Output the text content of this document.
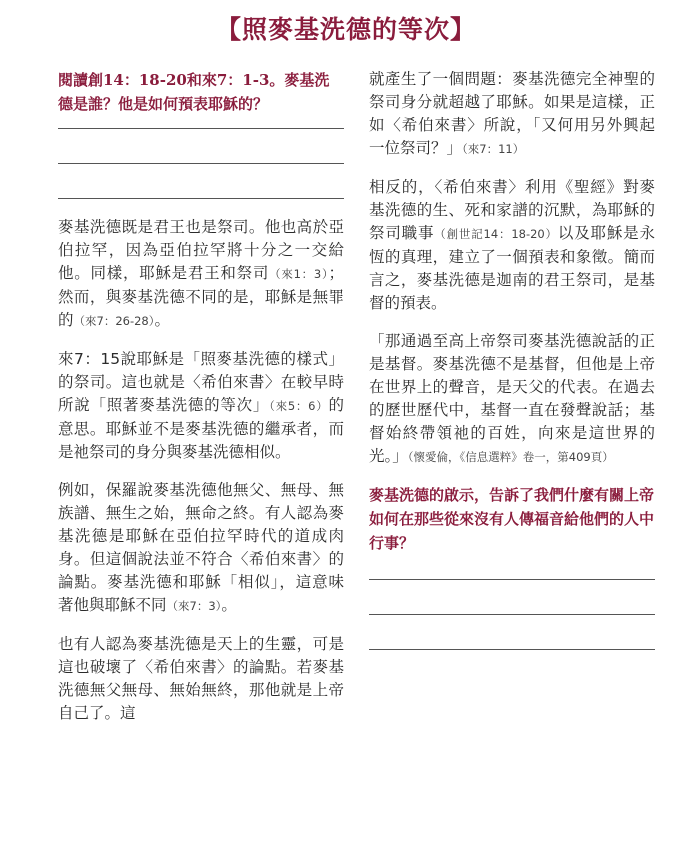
【照麥基洗德的等次】
閱讀創14：18-20和來7：1-3。麥基洗德是誰？他是如何預表耶穌的？

麥基洗德既是君王也是祭司。他也高於亞伯拉罕，因為亞伯拉罕將十分之一交給他。同樣，耶穌是君王和祭司（來1：3）；然而，與麥基洗德不同的是，耶穌是無罪的（來7：26-28）。

來7：15說耶穌是「照麥基洗德的樣式」的祭司。這也就是〈希伯來書〉在較早時所說「照著麥基洗德的等次」（來5：6）的意思。耶穌並不是麥基洗德的繼承者，而是祂祭司的身分與麥基洗德相似。

例如，保羅說麥基洗德他無父、無母、無族譜、無生之始，無命之終。有人認為麥基洗德是耶穌在亞伯拉罕時代的道成肉身。但這個說法並不符合〈希伯來書〉的論點。麥基洗德和耶穌「相似」，這意味著他與耶穌不同（來7：3）。

也有人認為麥基洗德是天上的生靈，可是這也破壞了〈希伯來書〉的論點。若麥基洗德無父無母、無始無終，那他就是上帝自己了。這

就產生了一個問題：麥基洗德完全神聖的祭司身分就超越了耶穌。如果是這樣，正如〈希伯來書〉所說，「又何用另外興起一位祭司？」（來7：11）

相反的，〈希伯來書〉利用《聖經》對麥基洗德的生、死和家譜的沉默，為耶穌的祭司職事（創世記14：18-20）以及耶穌是永恆的真理，建立了一個預表和象徵。簡而言之，麥基洗德是迦南的君王祭司，是基督的預表。

「那通過至高上帝祭司麥基洗德說話的正是基督。麥基洗德不是基督，但他是上帝在世界上的聲音，是天父的代表。在過去的歷世歷代中，基督一直在發聲說話；基督始終帶領祂的百姓，向來是這世界的光。」（懷愛倫，《信息選粹》卷一，第409頁）

麥基洗德的啟示，告訴了我們什麼有關上帝如何在那些從來沒有人傳福音給他們的人中行事？
